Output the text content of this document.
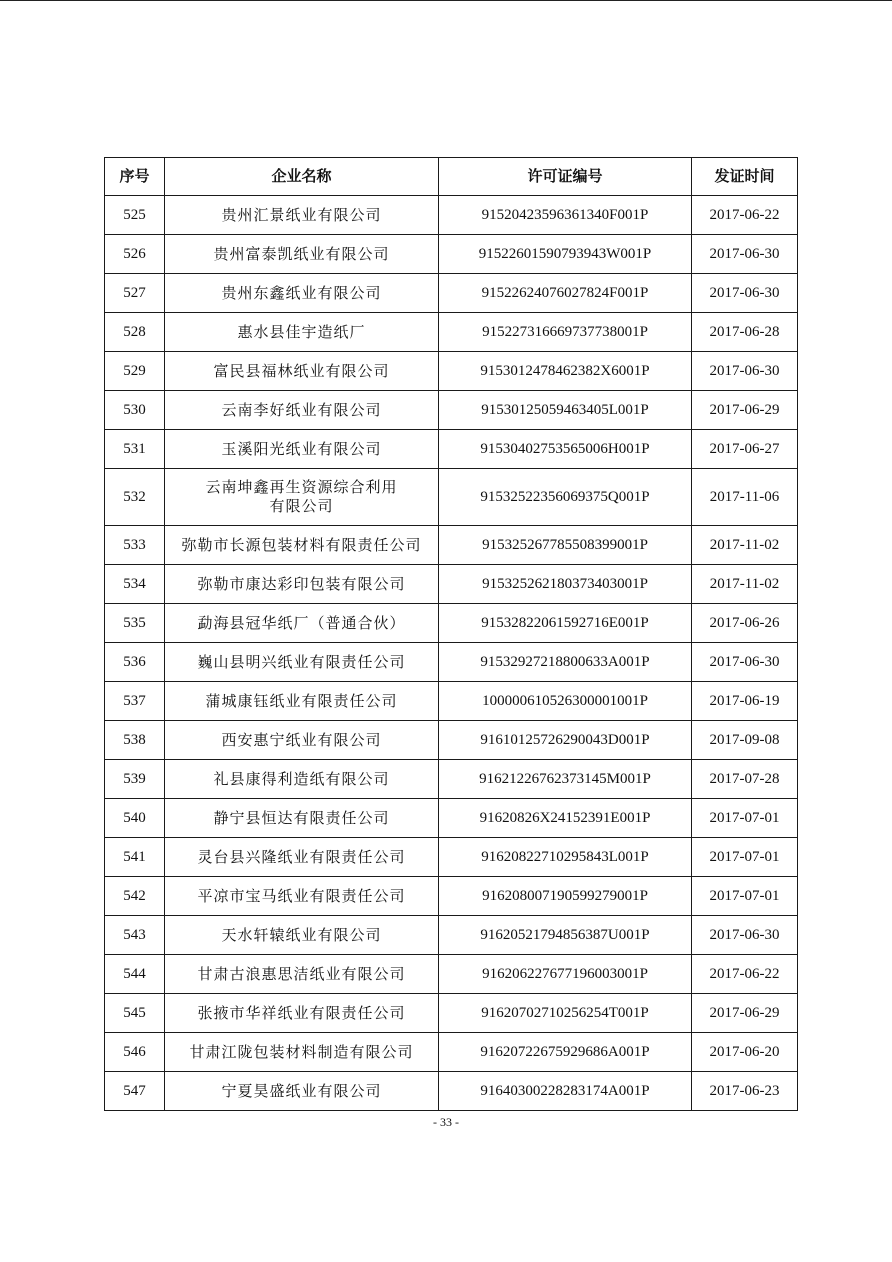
序号	企业名称	许可证编号	发证时间
525	贵州汇景纸业有限公司	91520423596361340F001P	2017-06-22
526	贵州富泰凯纸业有限公司	91522601590793943W001P	2017-06-30
527	贵州东鑫纸业有限公司	91522624076027824F001P	2017-06-30
528	惠水县佳宇造纸厂	915227316669737738001P	2017-06-28
529	富民县福林纸业有限公司	9153012478462382X6001P	2017-06-30
530	云南李好纸业有限公司	91530125059463405L001P	2017-06-29
531	玉溪阳光纸业有限公司	91530402753565006H001P	2017-06-27
532	云南坤鑫再生资源综合利用
有限公司	91532522356069375Q001P	2017-11-06
533	弥勒市长源包装材料有限责任公司	915325267785508399001P	2017-11-02
534	弥勒市康达彩印包装有限公司	915325262180373403001P	2017-11-02
535	勐海县冠华纸厂（普通合伙）	91532822061592716E001P	2017-06-26
536	巍山县明兴纸业有限责任公司	91532927218800633A001P	2017-06-30
537	蒲城康钰纸业有限责任公司	100000610526300001001P	2017-06-19
538	西安惠宁纸业有限公司	91610125726290043D001P	2017-09-08
539	礼县康得利造纸有限公司	91621226762373145M001P	2017-07-28
540	静宁县恒达有限责任公司	91620826X24152391E001P	2017-07-01
541	灵台县兴隆纸业有限责任公司	91620822710295843L001P	2017-07-01
542	平凉市宝马纸业有限责任公司	916208007190599279001P	2017-07-01
543	天水轩辕纸业有限公司	91620521794856387U001P	2017-06-30
544	甘肃古浪惠思洁纸业有限公司	916206227677196003001P	2017-06-22
545	张掖市华祥纸业有限责任公司	91620702710256254T001P	2017-06-29
546	甘肃江陇包装材料制造有限公司	91620722675929686A001P	2017-06-20
547	宁夏昊盛纸业有限公司	91640300228283174A001P	2017-06-23
- 33 -
